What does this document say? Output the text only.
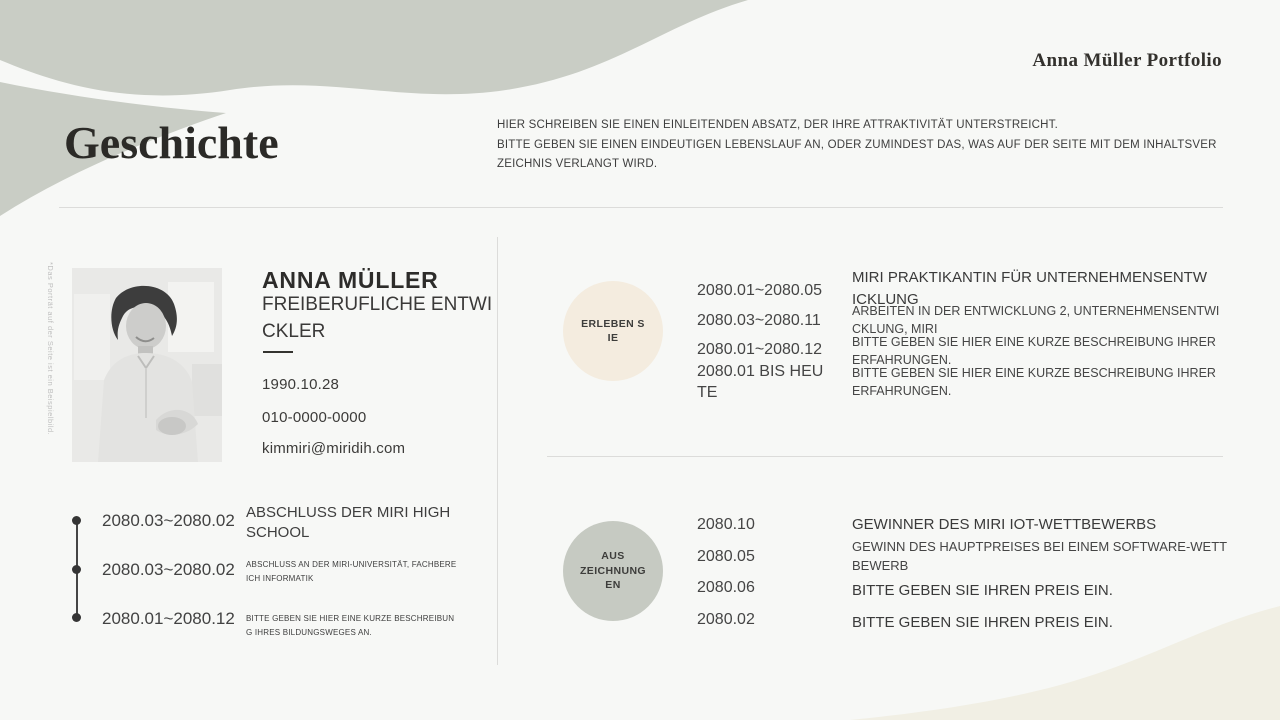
Anna Müller Portfolio
Geschichte	HIER SCHREIBEN SIE EINEN EINLEITENDEN ABSATZ, DER IHRE ATTRAKTIVITÄT UNTERSTREICHT.

BITTE GEBEN SIE EINEN EINDEUTIGEN LEBENSLAUF AN, ODER ZUMINDEST DAS, WAS AUF DER SEITE MIT DEM INHALTSVERZEICHNIS VERLANGT WIRD.

*Das Porträt auf der Seite ist ein Beispielbild.	ANNA MÜLLER
FREIBERUFLICHE ENTWICKLER
1990.10.28
010-0000-0000
kimmiri@miridih.com
2080.03~2080.02
2080.03~2080.02
2080.01~2080.12
ABSCHLUSS DER MIRI HIGH SCHOOL
ABSCHLUSS AN DER MIRI-UNIVERSITÄT, FACHBEREICH INFORMATIK
BITTE GEBEN SIE HIER EINE KURZE BESCHREIBUNG IHRES BILDUNGSWEGES AN.
ERLEBEN S
IE
2080.01~2080.05
2080.03~2080.11
2080.01~2080.12
2080.01 BIS HEUTE
MIRI PRAKTIKANTIN FÜR UNTERNEHMENSENTWICKLUNG
ARBEITEN IN DER ENTWICKLUNG 2, UNTERNEHMENSENTWICKLUNG, MIRI
BITTE GEBEN SIE HIER EINE KURZE BESCHREIBUNG IHRER ERFAHRUNGEN.
BITTE GEBEN SIE HIER EINE KURZE BESCHREIBUNG IHRER ERFAHRUNGEN.
AUS
ZEICHNUNG
EN
2080.10
2080.05
2080.06
2080.02
GEWINNER DES MIRI IOT-WETTBEWERBS
GEWINN DES HAUPTPREISES BEI EINEM SOFTWARE-WETTBEWERB
BITTE GEBEN SIE IHREN PREIS EIN.
BITTE GEBEN SIE IHREN PREIS EIN.
